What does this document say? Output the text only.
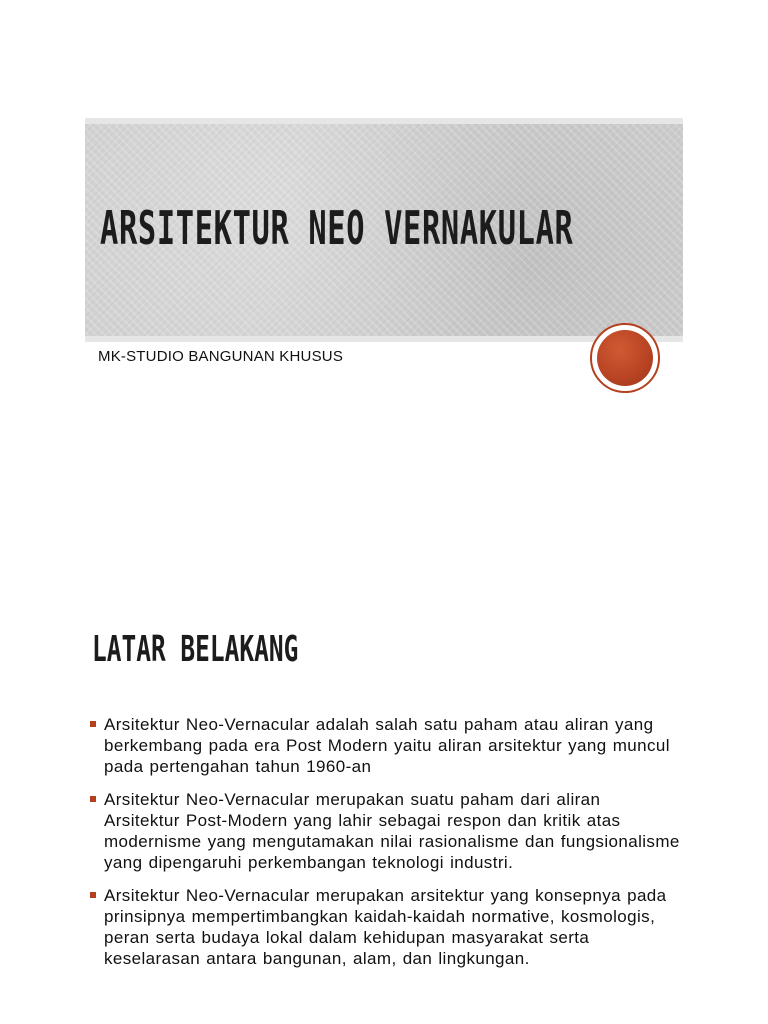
ARSITEKTUR NEO VERNAKULAR

MK-STUDIO BANGUNAN KHUSUS

LATAR BELAKANG
Arsitektur Neo-Vernacular adalah salah satu paham atau aliran yang berkembang pada era Post Modern yaitu aliran arsitektur yang muncul pada pertengahan tahun 1960-an
Arsitektur Neo-Vernacular merupakan suatu paham dari aliran Arsitektur Post-Modern yang lahir sebagai respon dan kritik atas modernisme yang mengutamakan nilai rasionalisme dan fungsionalisme yang dipengaruhi perkembangan teknologi industri.
Arsitektur Neo-Vernacular merupakan arsitektur yang konsepnya pada prinsipnya mempertimbangkan kaidah-kaidah normative, kosmologis, peran serta budaya lokal dalam kehidupan masyarakat serta keselarasan antara bangunan, alam, dan lingkungan.
